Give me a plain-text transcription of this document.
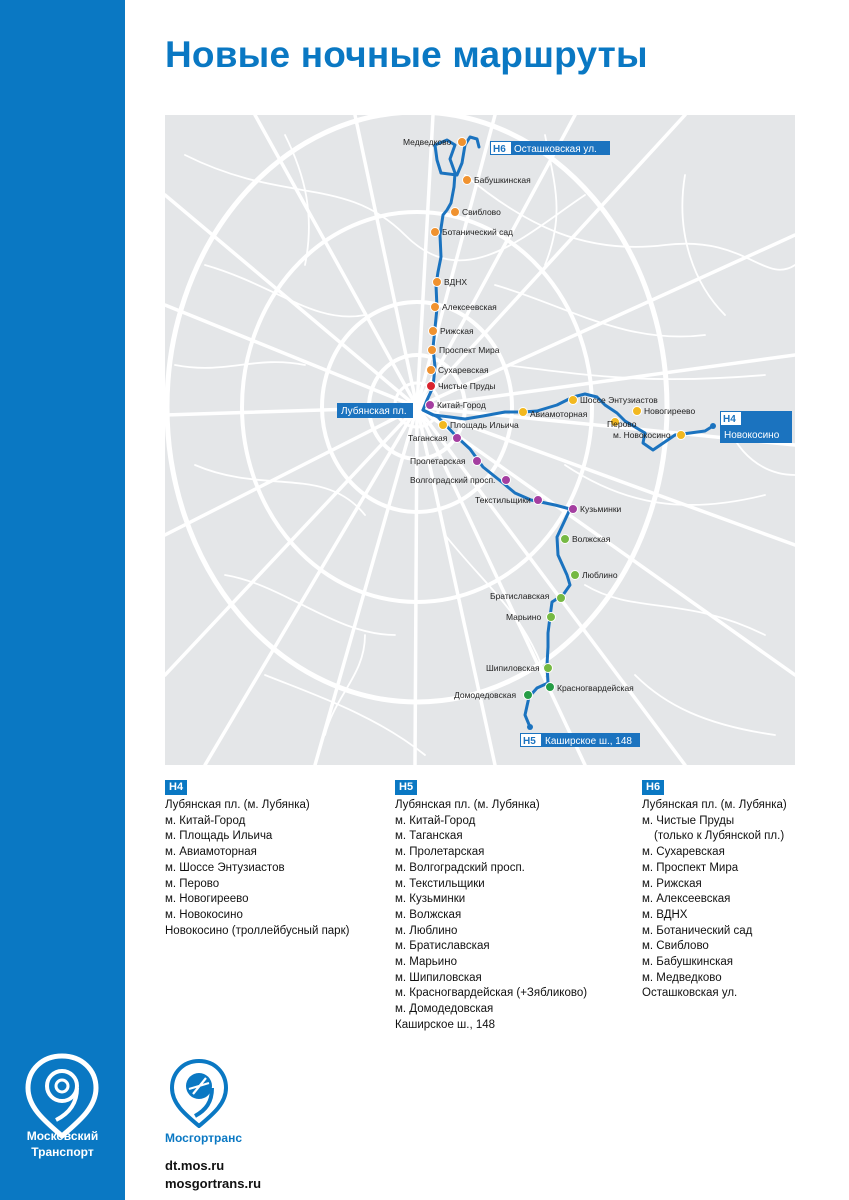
Московский
Транспорт
Новые ночные маршруты
Медведково
Бабушкинская
Свиблово
Ботанический сад
ВДНХ
Алексеевская
Рижская
Проспект Мира
Сухаревская
Чистые Пруды
Китай-Город
Таганская
Пролетарская
Волгоградский просп.
Текстильщики
Кузьминки
Волжская
Люблино
Братиславская
Марьино
Шипиловская
Красногвардейская
Домодедовская
Площадь Ильича
Авиамоторная
Шоссе Энтузиастов
Перово
Новогиреево
м. Новокосино
Н6 Осташковская ул.
Н4
Новокосино
Н5 Каширское ш., 148
Лубянская пл.
Н4
Лубянская пл. (м. Лубянка)
м. Китай-Город
м. Площадь Ильича
м. Авиамоторная
м. Шоссе Энтузиастов
м. Перово
м. Новогиреево
м. Новокосино
Новокосино (троллейбусный парк)
Н5
Лубянская пл. (м. Лубянка)
м. Китай-Город
м. Таганская
м. Пролетарская
м. Волгоградский просп.
м. Текстильщики
м. Кузьминки
м. Волжская
м. Люблино
м. Братиславская
м. Марьино
м. Шипиловская
м. Красногвардейская (+Зябликово)
м. Домодедовская
Каширское ш., 148
Н6
Лубянская пл. (м. Лубянка)
м. Чистые Пруды
(только к Лубянской пл.)
м. Сухаревская
м. Проспект Мира
м. Рижская
м. Алексеевская
м. ВДНХ
м. Ботанический сад
м. Свиблово
м. Бабушкинская
м. Медведково
Осташковская ул.
Мосгортранс
dt.mos.ru
mosgortrans.ru
